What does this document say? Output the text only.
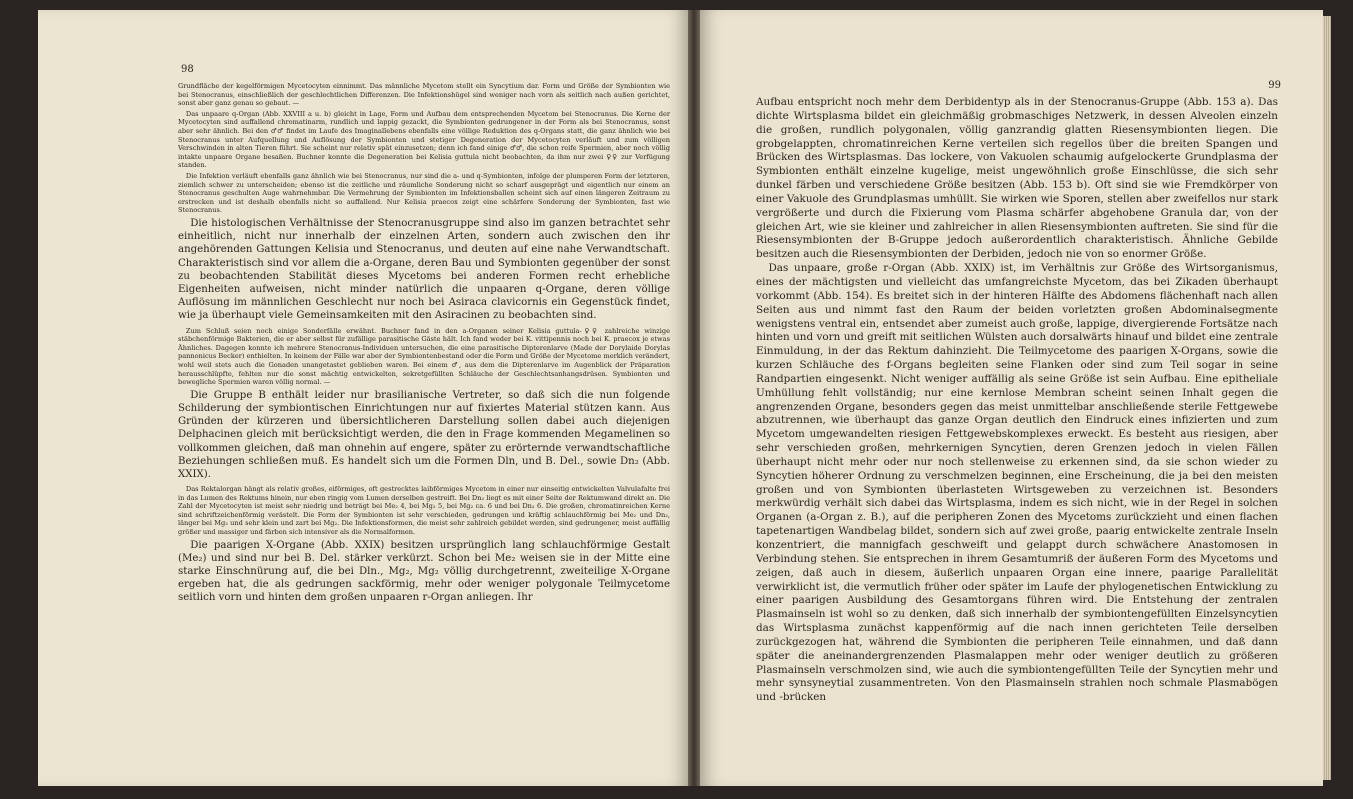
98

Grundfläche der kegelförmigen Mycetocyten einnimmt. Das männliche Mycetom stellt ein Syncytium dar. Form und Größe der Symbionten wie bei Stenocranus, einschließlich der geschlechtlichen Differenzen. Die Infektionshügel sind weniger nach vorn als seitlich nach außen gerichtet, sonst aber ganz genau so gebaut. —

Das unpaare q-Organ (Abb. XXVIII a u. b) gleicht in Lage, Form und Aufbau dem entsprechenden Mycetom bei Stenocranus. Die Kerne der Mycetocyten sind auffallend chromatinarm, rundlich und lappig gezackt, die Symbionten gedrungener in der Form als bei Stenocranus, sonst aber sehr ähnlich. Bei den ♂♂ findet im Laufe des Imaginallebens ebenfalls eine völlige Reduktion des q-Organs statt, die ganz ähnlich wie bei Stenocranus unter Aufquellung und Auflösung der Symbionten und stetiger Degeneration der Mycetocyten verläuft und zum völligen Verschwinden in alten Tieren führt. Sie scheint nur relativ spät einzusetzen; denn ich fand einige ♂♂, die schon reife Spermien, aber noch völlig intakte unpaare Organe besaßen. Buchner konnte die Degeneration bei Kelisia guttula nicht beobachten, da ihm nur zwei ♀♀ zur Verfügung standen.

Die Infektion verläuft ebenfalls ganz ähnlich wie bei Stenocranus, nur sind die a- und q-Symbionten, infolge der plumperen Form der letzteren, ziemlich schwer zu unterscheiden; ebenso ist die zeitliche und räumliche Sonderung nicht so scharf ausgeprägt und eigentlich nur einem an Stenocranus geschulten Auge wahrnehmbar. Die Vermehrung der Symbionten im Infektionsballen scheint sich auf einen längeren Zeitraum zu erstrecken und ist deshalb ebenfalls nicht so auffallend. Nur Kelisia praecox zeigt eine schärfere Sonderung der Symbionten, fast wie Stenocranus.

Die histologischen Verhältnisse der Stenocranusgruppe sind also im ganzen betrachtet sehr einheitlich, nicht nur innerhalb der einzelnen Arten, sondern auch zwischen den ihr angehörenden Gattungen Kelisia und Stenocranus, und deuten auf eine nahe Verwandtschaft. Charakteristisch sind vor allem die a-Organe, deren Bau und Symbionten gegenüber der sonst zu beobachtenden Stabilität dieses Mycetoms bei anderen Formen recht erhebliche Eigenheiten aufweisen, nicht minder natürlich die unpaaren q-Organe, deren völlige Auflösung im männlichen Geschlecht nur noch bei Asiraca clavicornis ein Gegenstück findet, wie ja überhaupt viele Gemeinsamkeiten mit den Asiracinen zu beobachten sind.

Zum Schluß seien noch einige Sonderfälle erwähnt. Buchner fand in den a-Organen seiner Kelisia guttula-♀♀ zahlreiche winzige stäbchenförmige Bakterien, die er aber selbst für zufällige parasitische Gäste hält. Ich fand weder bei K. vittipennis noch bei K. praecox je etwas Ähnliches. Dagegen konnte ich mehrere Stenocranus-Individuen untersuchen, die eine parasitische Dipterenlarve (Made der Dorylaide Dorylas pannonicus Becker) enthielten. In keinem der Fälle war aber der Symbiontenbestand oder die Form und Größe der Mycetome merklich verändert, wohl weil stets auch die Gonaden unangetastet geblieben waren. Bei einem ♂, aus dem die Dipterenlarve im Augenblick der Präparation herausschlüpfte, fehlten nur die sonst mächtig entwickelten, sekretgefüllten Schläuche der Geschlechtsanhangsdrüsen. Symbionten und bewegliche Spermien waren völlig normal. —

Die Gruppe B enthält leider nur brasilianische Vertreter, so daß sich die nun folgende Schilderung der symbiontischen Einrichtungen nur auf fixiertes Material stützen kann. Aus Gründen der kürzeren und übersichtlicheren Darstellung sollen dabei auch diejenigen Delphacinen gleich mit berücksichtigt werden, die den in Frage kommenden Megamelinen so vollkommen gleichen, daß man ohnehin auf engere, später zu erörternde verwandtschaftliche Beziehungen schließen muß. Es handelt sich um die Formen Dln, und B. Del., sowie Dn₂ (Abb. XXIX).

Das Rektalorgan hängt als relativ großes, eiförmiges, oft gestrecktes laibförmiges Mycetom in einer nur einseitig entwickelten Valvulafalte frei in das Lumen des Rektums hinein, nur eben ringig vom Lumen derselben gestreift. Bei Dn₂ liegt es mit einer Seite der Rektumwand direkt an. Die Zahl der Mycetocyten ist meist sehr niedrig und beträgt bei Me₂ 4, bei Mg₂ 5, bei Mg₂ ca. 6 und bei Dn₂ 6. Die großen, chromatinreichen Kerne sind schriftzeichenförmig verästelt. Die Form der Symbionten ist sehr verschieden, gedrungen und kräftig schlauchförmig bei Me₂ und Dn₂, länger bei Mg₂ und sehr klein und zart bei Mg₂. Die Infektionsformen, die meist sehr zahlreich gebildet werden, sind gedrungener, meist auffällig größer und massiger und färben sich intensiver als die Normalformen.

Die paarigen X-Organe (Abb. XXIX) besitzen ursprünglich lang schlauchförmige Gestalt (Me₂) und sind nur bei B. Del. stärker verkürzt. Schon bei Me₂ weisen sie in der Mitte eine starke Einschnürung auf, die bei Dln., Mg₂, Mg₂ völlig durchgetrennt, zweiteilige X-Organe ergeben hat, die als gedrungen sackförmig, mehr oder weniger polygonale Teilmycetome seitlich vorn und hinten dem großen unpaaren r-Organ anliegen. Ihr

99

Aufbau entspricht noch mehr dem Derbidentyp als in der Stenocranus-Gruppe (Abb. 153 a). Das dichte Wirtsplasma bildet ein gleichmäßig grobmaschiges Netzwerk, in dessen Alveolen einzeln die großen, rundlich polygonalen, völlig ganzrandig glatten Riesensymbionten liegen. Die grobgelappten, chromatinreichen Kerne verteilen sich regellos über die breiten Spangen und Brücken des Wirtsplasmas. Das lockere, von Vakuolen schaumig aufgelockerte Grundplasma der Symbionten enthält einzelne kugelige, meist ungewöhnlich große Einschlüsse, die sich sehr dunkel färben und verschiedene Größe besitzen (Abb. 153 b). Oft sind sie wie Fremdkörper von einer Vakuole des Grundplasmas umhüllt. Sie wirken wie Sporen, stellen aber zweifellos nur stark vergrößerte und durch die Fixierung vom Plasma schärfer abgehobene Granula dar, von der gleichen Art, wie sie kleiner und zahlreicher in allen Riesensymbionten auftreten. Sie sind für die Riesensymbionten der B-Gruppe jedoch außerordentlich charakteristisch. Ähnliche Gebilde besitzen auch die Riesensymbionten der Derbiden, jedoch nie von so enormer Größe.

Das unpaare, große r-Organ (Abb. XXIX) ist, im Verhältnis zur Größe des Wirtsorganismus, eines der mächtigsten und vielleicht das umfangreichste Mycetom, das bei Zikaden überhaupt vorkommt (Abb. 154). Es breitet sich in der hinteren Hälfte des Abdomens flächenhaft nach allen Seiten aus und nimmt fast den Raum der beiden vorletzten großen Abdominalsegmente wenigstens ventral ein, entsendet aber zumeist auch große, lappige, divergierende Fortsätze nach hinten und vorn und greift mit seitlichen Wülsten auch dorsalwärts hinauf und bildet eine zentrale Einmuldung, in der das Rektum dahinzieht. Die Teilmycetome des paarigen X-Organs, sowie die kurzen Schläuche des f-Organs begleiten seine Flanken oder sind zum Teil sogar in seine Randpartien eingesenkt. Nicht weniger auffällig als seine Größe ist sein Aufbau. Eine epitheliale Umhüllung fehlt vollständig; nur eine kernlose Membran scheint seinen Inhalt gegen die angrenzenden Organe, besonders gegen das meist unmittelbar anschließende sterile Fettgewebe abzutrennen, wie überhaupt das ganze Organ deutlich den Eindruck eines infizierten und zum Mycetom umgewandelten riesigen Fettgewebskomplexes erweckt. Es besteht aus riesigen, aber sehr verschieden großen, mehrkernigen Syncytien, deren Grenzen jedoch in vielen Fällen überhaupt nicht mehr oder nur noch stellenweise zu erkennen sind, da sie schon wieder zu Syncytien höherer Ordnung zu verschmelzen beginnen, eine Erscheinung, die ja bei den meisten großen und von Symbionten überlasteten Wirtsgeweben zu verzeichnen ist. Besonders merkwürdig verhält sich dabei das Wirtsplasma, indem es sich nicht, wie in der Regel in solchen Organen (a-Organ z. B.), auf die peripheren Zonen des Mycetoms zurückzieht und einen flachen tapetenartigen Wandbelag bildet, sondern sich auf zwei große, paarig entwickelte zentrale Inseln konzentriert, die mannigfach geschweift und gelappt durch schwächere Anastomosen in Verbindung stehen. Sie entsprechen in ihrem Gesamtumriß der äußeren Form des Mycetoms und zeigen, daß auch in diesem, äußerlich unpaaren Organ eine innere, paarige Parallelität verwirklicht ist, die vermutlich früher oder später im Laufe der phylogenetischen Entwicklung zu einer paarigen Ausbildung des Gesamtorgans führen wird. Die Entstehung der zentralen Plasmainseln ist wohl so zu denken, daß sich innerhalb der symbiontengefüllten Einzelsyncytien das Wirtsplasma zunächst kappenförmig auf die nach innen gerichteten Teile derselben zurückgezogen hat, während die Symbionten die peripheren Teile einnahmen, und daß dann später die aneinandergrenzenden Plasmalappen mehr oder weniger deutlich zu größeren Plasmainseln verschmolzen sind, wie auch die symbiontengefüllten Teile der Syncytien mehr und mehr synsyneytial zusammentreten. Von den Plasmainseln strahlen noch schmale Plasmabögen und -brücken
